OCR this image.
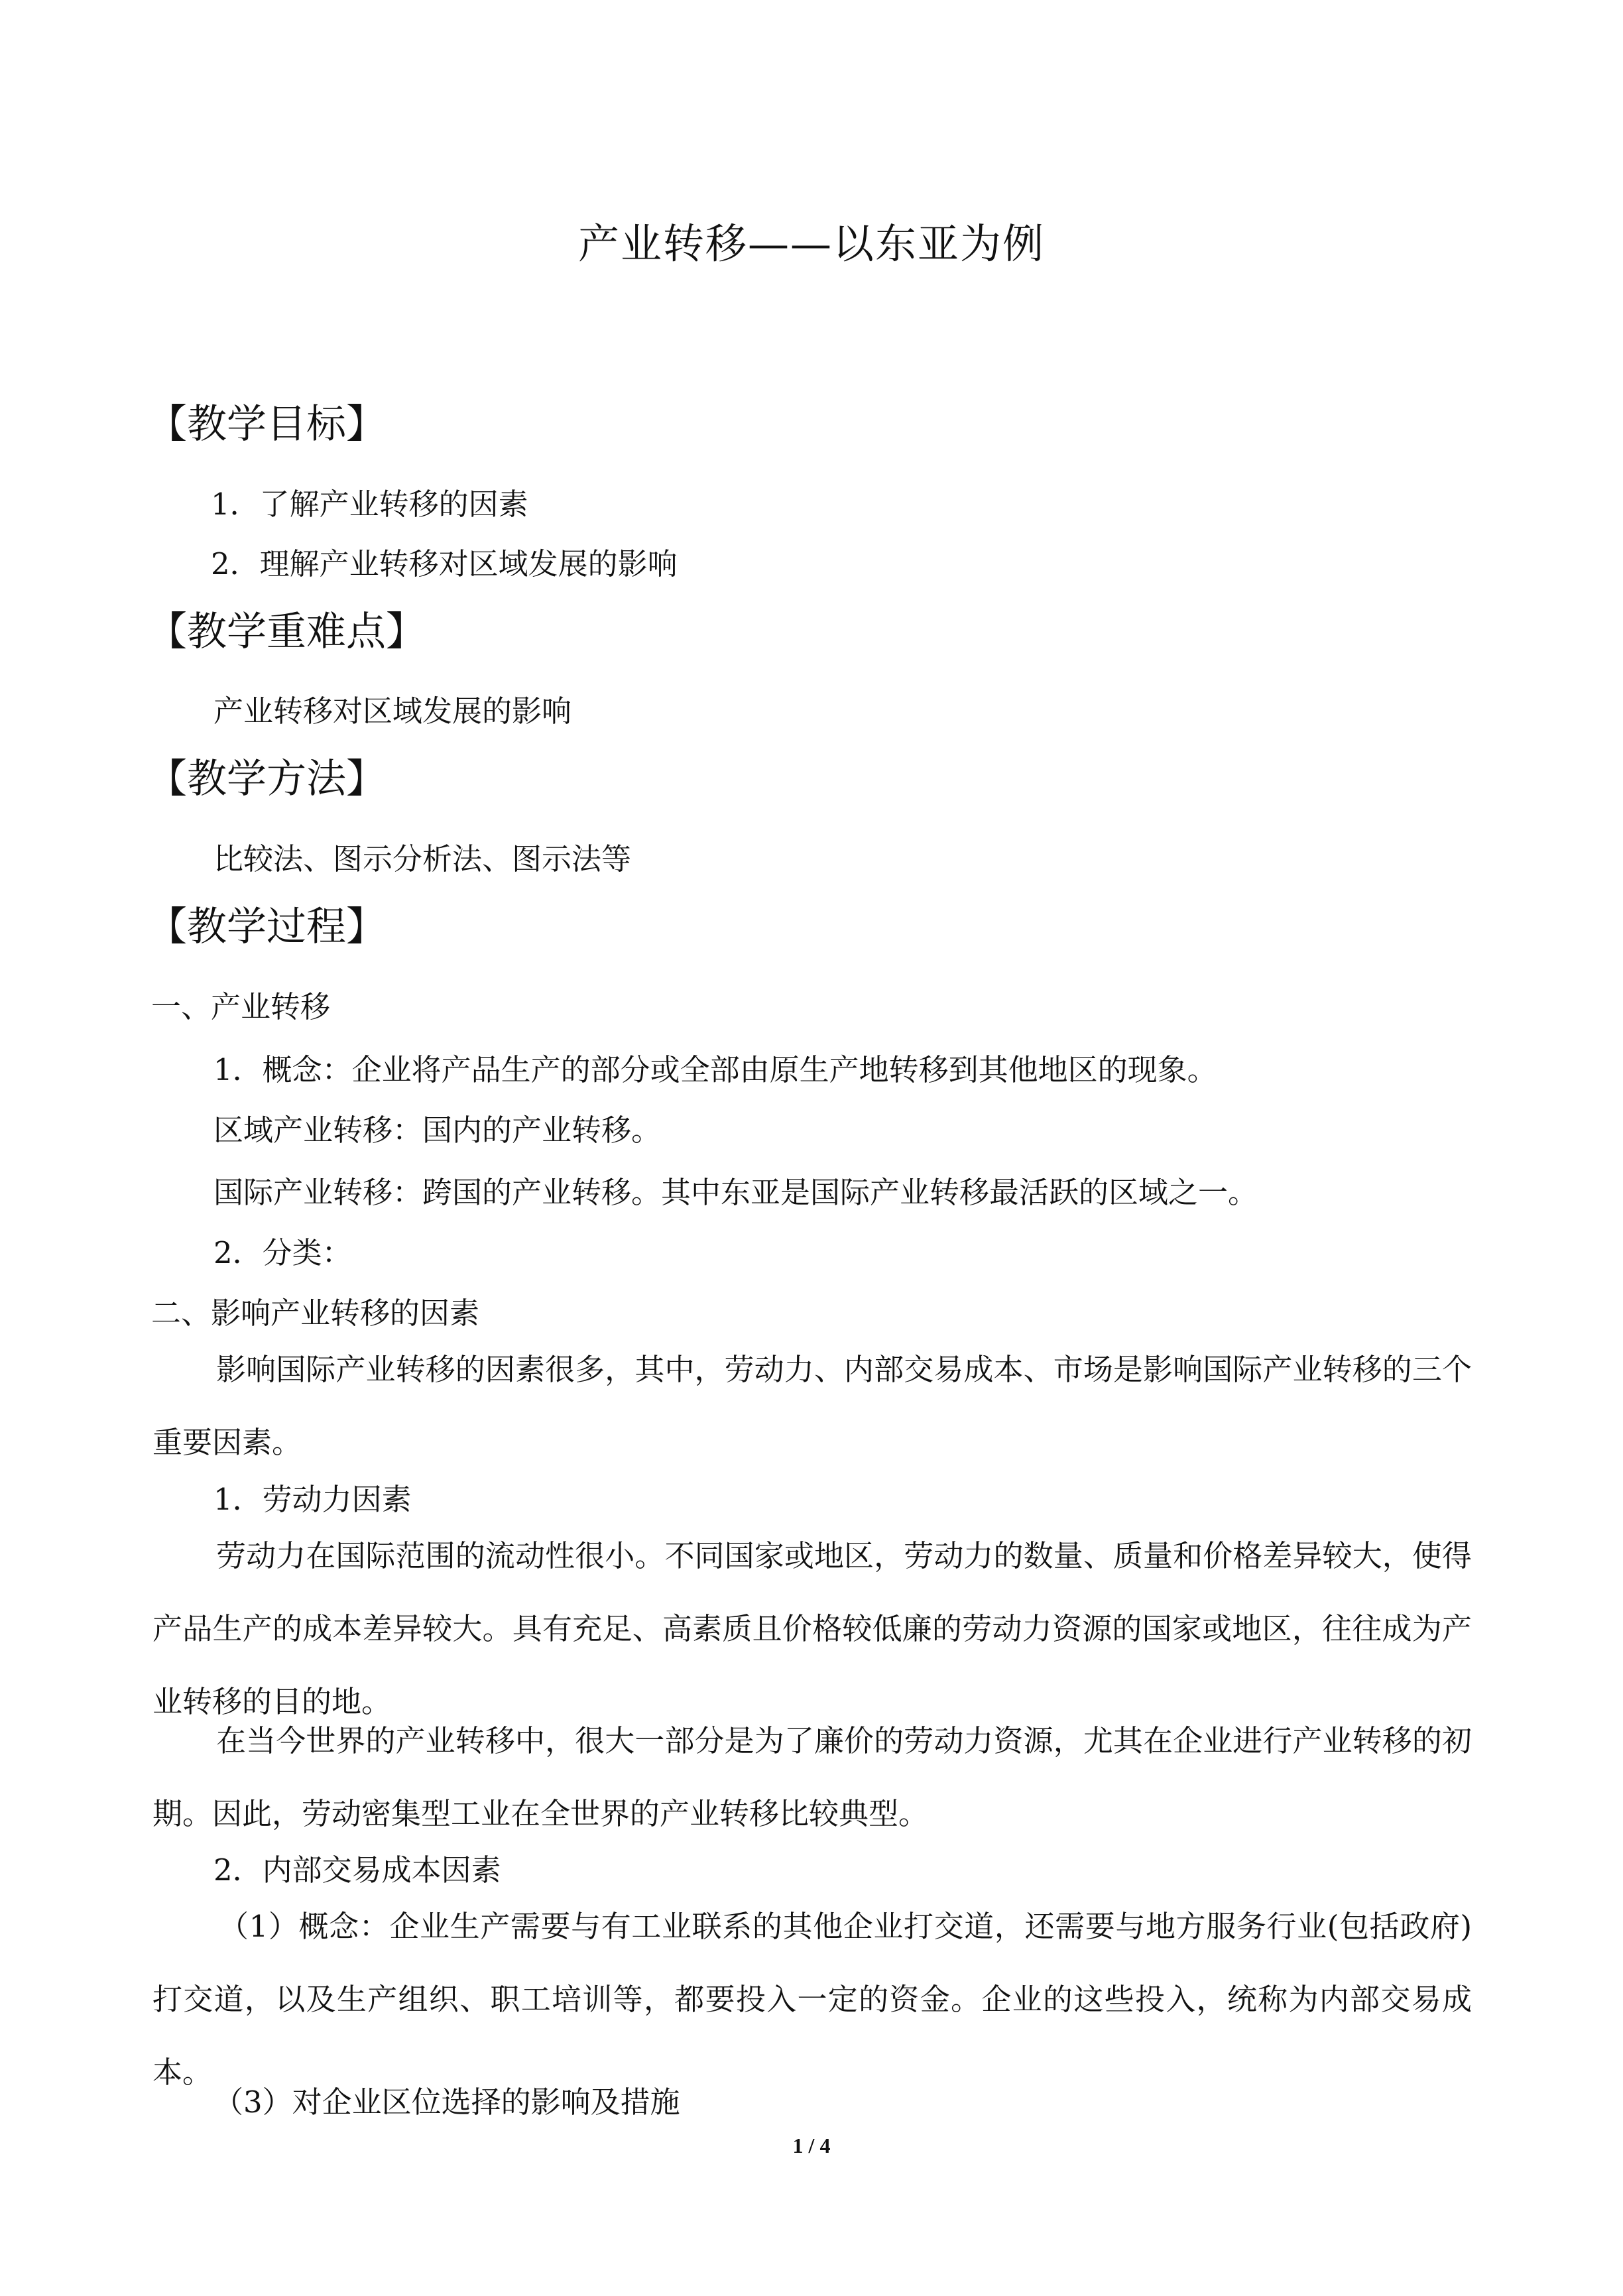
产业转移——以东亚为例
【教学目标】

1．了解产业转移的因素

2．理解产业转移对区域发展的影响

【教学重难点】

产业转移对区域发展的影响

【教学方法】

比较法、图示分析法、图示法等

【教学过程】

一、产业转移

1．概念：企业将产品生产的部分或全部由原生产地转移到其他地区的现象。

区域产业转移：国内的产业转移。

国际产业转移：跨国的产业转移。其中东亚是国际产业转移最活跃的区域之一。

2．分类：

二、影响产业转移的因素

影响国际产业转移的因素很多，其中，劳动力、内部交易成本、市场是影响国际产业转移的三个重要因素。

1．劳动力因素

劳动力在国际范围的流动性很小。不同国家或地区，劳动力的数量、质量和价格差异较大，使得产品生产的成本差异较大。具有充足、高素质且价格较低廉的劳动力资源的国家或地区，往往成为产业转移的目的地。

在当今世界的产业转移中，很大一部分是为了廉价的劳动力资源，尤其在企业进行产业转移的初期。因此，劳动密集型工业在全世界的产业转移比较典型。

2．内部交易成本因素

（1）概念：企业生产需要与有工业联系的其他企业打交道，还需要与地方服务行业(包括政府)打交道，以及生产组织、职工培训等，都要投入一定的资金。企业的这些投入，统称为内部交易成本。

（3）对企业区位选择的影响及措施

1 / 4
